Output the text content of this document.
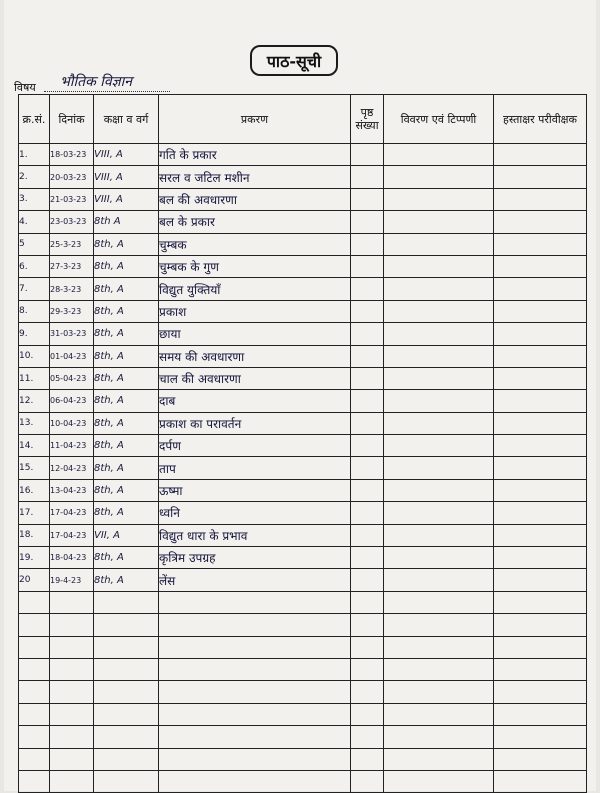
पाठ-सूची
विषय भौतिक विज्ञान
क्र.सं.	दिनांक	कक्षा व वर्ग	प्रकरण	पृष्ठ संख्या	विवरण एवं टिप्पणी	हस्ताक्षर परीवीक्षक
1.	18-03-23	VIII, A	गति के प्रकार			
2.	20-03-23	VIII, A	सरल व जटिल मशीन			
3.	21-03-23	VIII, A	बल की अवधारणा			
4.	23-03-23	8th A	बल के प्रकार			
5	25-3-23	8th, A	चुम्बक			
6.	27-3-23	8th, A	चुम्बक के गुण			
7.	28-3-23	8th, A	विद्युत युक्तियाँ			
8.	29-3-23	8th, A	प्रकाश			
9.	31-03-23	8th, A	छाया			
10.	01-04-23	8th, A	समय की अवधारणा			
11.	05-04-23	8th, A	चाल की अवधारणा			
12.	06-04-23	8th, A	दाब			
13.	10-04-23	8th, A	प्रकाश का परावर्तन			
14.	11-04-23	8th, A	दर्पण			
15.	12-04-23	8th, A	ताप			
16.	13-04-23	8th, A	ऊष्मा			
17.	17-04-23	8th, A	ध्वनि			
18.	17-04-23	VII, A	विद्युत धारा के प्रभाव			
19.	18-04-23	8th, A	कृत्रिम उपग्रह			
20	19-4-23	8th, A	लेंस			
